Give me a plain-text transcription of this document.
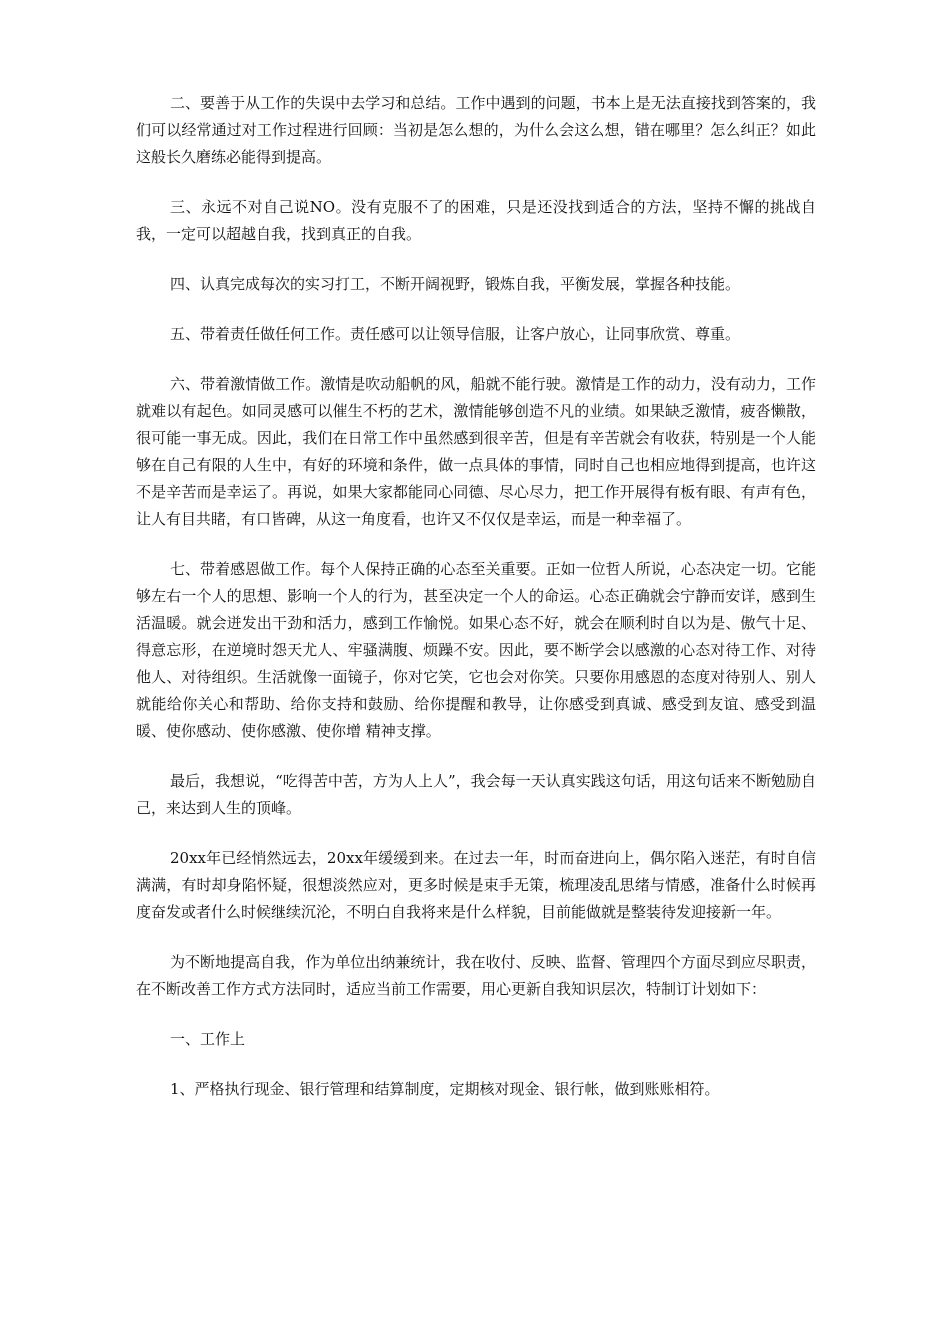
二、要善于从工作的失误中去学习和总结。工作中遇到的问题，书本上是无法直接找到答案的，我们可以经常通过对工作过程进行回顾：当初是怎么想的，为什么会这么想，错在哪里？怎么纠正？如此这般长久磨练必能得到提高。

三、永远不对自己说NO。没有克服不了的困难，只是还没找到适合的方法，坚持不懈的挑战自我，一定可以超越自我，找到真正的自我。

四、认真完成每次的实习打工，不断开阔视野，锻炼自我，平衡发展，掌握各种技能。

五、带着责任做任何工作。责任感可以让领导信服，让客户放心，让同事欣赏、尊重。

六、带着激情做工作。激情是吹动船帆的风，船就不能行驶。激情是工作的动力，没有动力，工作就难以有起色。如同灵感可以催生不朽的艺术，激情能够创造不凡的业绩。如果缺乏激情，疲沓懒散，很可能一事无成。因此，我们在日常工作中虽然感到很辛苦，但是有辛苦就会有收获，特别是一个人能够在自己有限的人生中，有好的环境和条件，做一点具体的事情，同时自己也相应地得到提高，也许这不是辛苦而是幸运了。再说，如果大家都能同心同德、尽心尽力，把工作开展得有板有眼、有声有色，让人有目共睹，有口皆碑，从这一角度看，也许又不仅仅是幸运，而是一种幸福了。

七、带着感恩做工作。每个人保持正确的心态至关重要。正如一位哲人所说，心态决定一切。它能够左右一个人的思想、影响一个人的行为，甚至决定一个人的命运。心态正确就会宁静而安详，感到生活温暖。就会迸发出干劲和活力，感到工作愉悦。如果心态不好，就会在顺利时自以为是、傲气十足、得意忘形，在逆境时怨天尤人、牢骚满腹、烦躁不安。因此，要不断学会以感激的心态对待工作、对待他人、对待组织。生活就像一面镜子，你对它笑，它也会对你笑。只要你用感恩的态度对待别人、别人就能给你关心和帮助、给你支持和鼓励、给你提醒和教导，让你感受到真诚、感受到友谊、感受到温暖、使你感动、使你感激、使你增 精神支撑。

最后，我想说，“吃得苦中苦，方为人上人”，我会每一天认真实践这句话，用这句话来不断勉励自己，来达到人生的顶峰。

20xx年已经悄然远去，20xx年缓缓到来。在过去一年，时而奋进向上，偶尔陷入迷茫，有时自信满满，有时却身陷怀疑，很想淡然应对，更多时候是束手无策，梳理凌乱思绪与情感，准备什么时候再度奋发或者什么时候继续沉沦，不明白自我将来是什么样貌，目前能做就是整装待发迎接新一年。

为不断地提高自我，作为单位出纳兼统计，我在收付、反映、监督、管理四个方面尽到应尽职责，在不断改善工作方式方法同时，适应当前工作需要，用心更新自我知识层次，特制订计划如下：

一、工作上

1、严格执行现金、银行管理和结算制度，定期核对现金、银行帐，做到账账相符。
